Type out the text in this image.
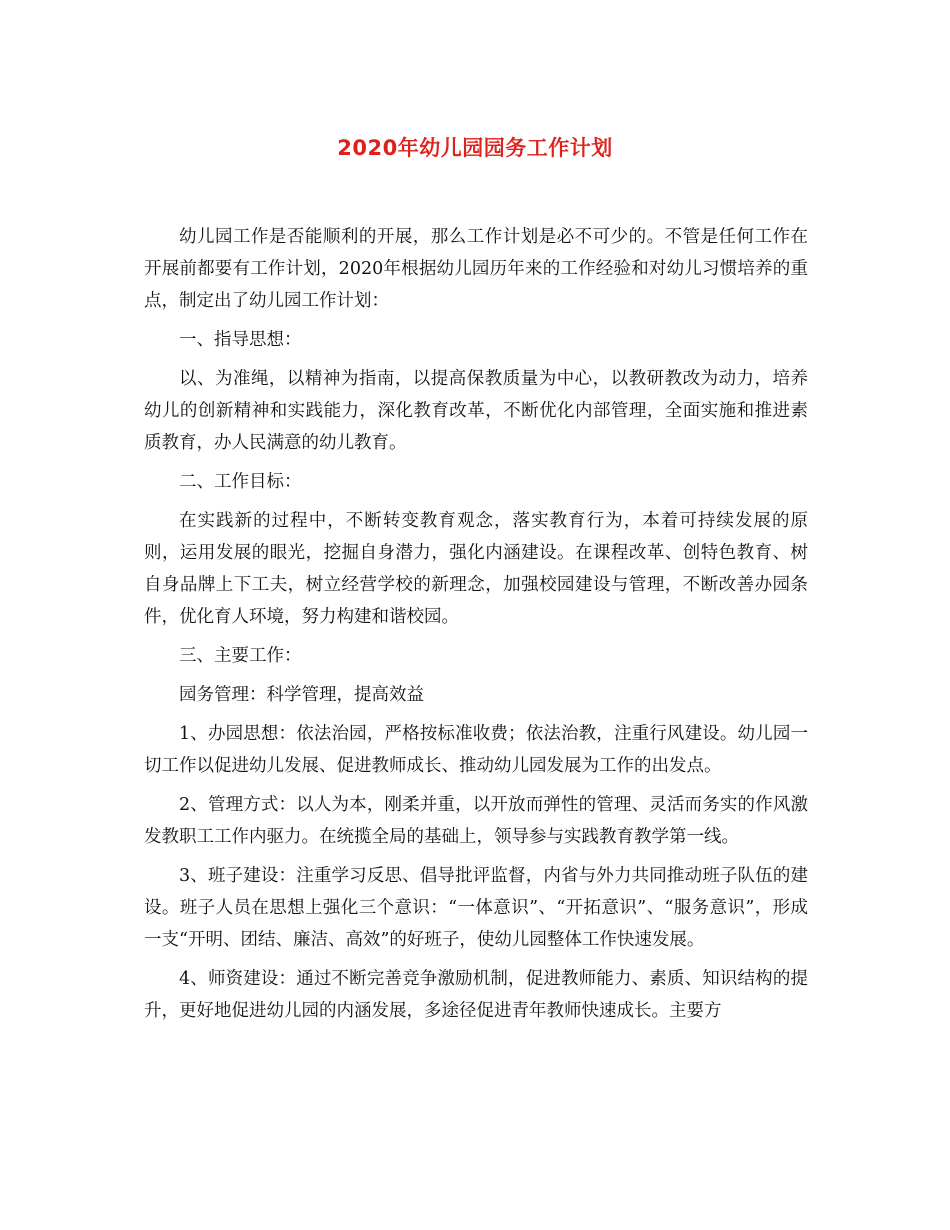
2020年幼儿园园务工作计划

幼儿园工作是否能顺利的开展，那么工作计划是必不可少的。不管是任何工作在开展前都要有工作计划，2020年根据幼儿园历年来的工作经验和对幼儿习惯培养的重点，制定出了幼儿园工作计划：

一、指导思想：

以、为准绳，以精神为指南，以提高保教质量为中心，以教研教改为动力，培养幼儿的创新精神和实践能力，深化教育改革，不断优化内部管理，全面实施和推进素质教育，办人民满意的幼儿教育。

二、工作目标：

在实践新的过程中，不断转变教育观念，落实教育行为，本着可持续发展的原则，运用发展的眼光，挖掘自身潜力，强化内涵建设。在课程改革、创特色教育、树自身品牌上下工夫，树立经营学校的新理念，加强校园建设与管理，不断改善办园条件，优化育人环境，努力构建和谐校园。

三、主要工作：

园务管理：科学管理，提高效益

1、办园思想：依法治园，严格按标准收费；依法治教，注重行风建设。幼儿园一切工作以促进幼儿发展、促进教师成长、推动幼儿园发展为工作的出发点。

2、管理方式：以人为本，刚柔并重，以开放而弹性的管理、灵活而务实的作风激发教职工工作内驱力。在统揽全局的基础上，领导参与实践教育教学第一线。

3、班子建设：注重学习反思、倡导批评监督，内省与外力共同推动班子队伍的建设。班子人员在思想上强化三个意识：“一体意识”、“开拓意识”、“服务意识”，形成一支“开明、团结、廉洁、高效”的好班子，使幼儿园整体工作快速发展。

4、师资建设：通过不断完善竞争激励机制，促进教师能力、素质、知识结构的提升，更好地促进幼儿园的内涵发展，多途径促进青年教师快速成长。主要方
